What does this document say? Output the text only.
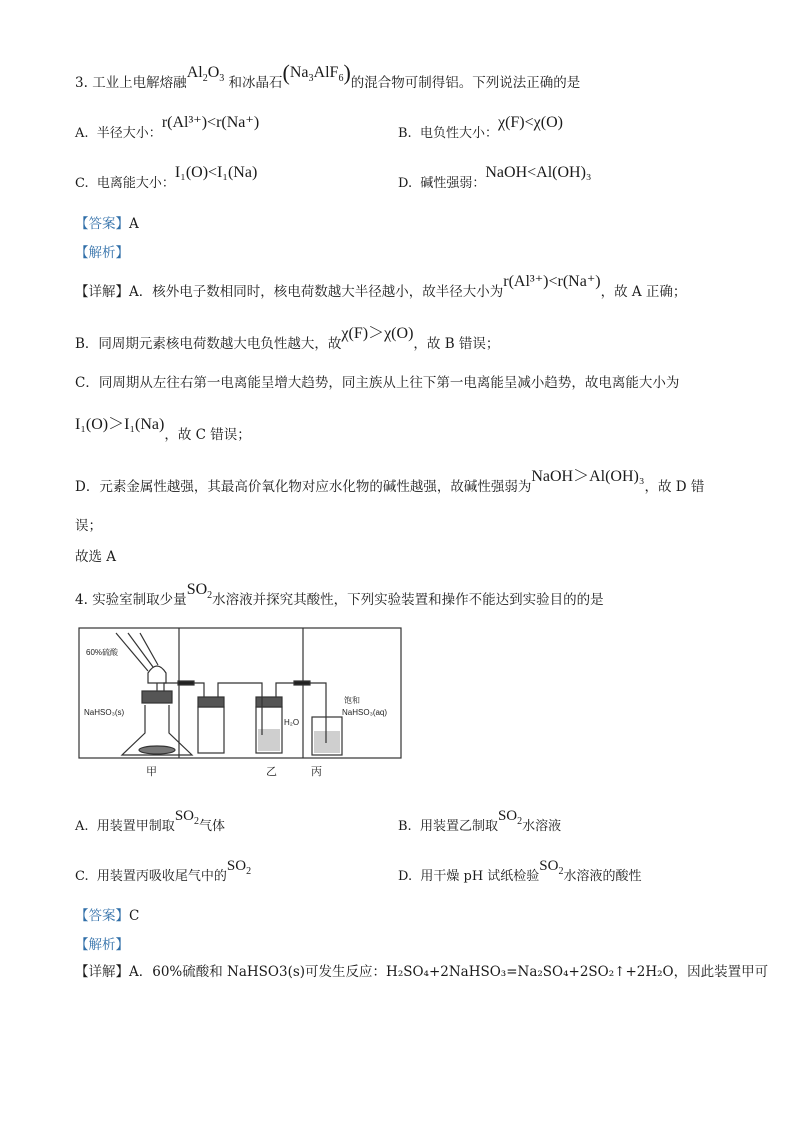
3. 工业上电解熔融$Al_2O_3$ 和冰晶石$(Na_3AlF_6)$的混合物可制得铝。下列说法正确的是
A. 半径大小：r(Al³⁺)<r(Na⁺)
B. 电负性大小：χ(F)<χ(O)
C. 电离能大小：I₁(O)<I₁(Na)
D. 碱性强弱：NaOH<Al(OH)₃
【答案】A
【解析】
【详解】A．核外电子数相同时，核电荷数越大半径越小，故半径大小为r(Al³⁺)<r(Na⁺)，故 A 正确；
B．同周期元素核电荷数越大电负性越大，故χ(F)＞χ(O)，故 B 错误；
C．同周期从左往右第一电离能呈增大趋势，同主族从上往下第一电离能呈减小趋势，故电离能大小为
I₁(O)＞I₁(Na)，故 C 错误；
D．元素金属性越强，其最高价氧化物对应水化物的碱性越强，故碱性强弱为NaOH＞Al(OH)₃，故 D 错
误；
故选 A
4. 实验室制取少量$SO_2$水溶液并探究其酸性，下列实验装置和操作不能达到实验目的的是
60%硫酸
NaHSO₃(s)
H₂O
饱和
NaHSO₃(aq)
甲	乙	丙
A. 用装置甲制取$SO_2$气体	B. 用装置乙制取$SO_2$水溶液
C. 用装置丙吸收尾气中的$SO_2$	D. 用干燥 pH 试纸检验$SO_2$水溶液的酸性
【答案】C
【解析】
【详解】A．60%硫酸和 NaHSO3(s)可发生反应：H₂SO₄+2NaHSO₃=Na₂SO₄+2SO₂↑+2H₂O，因此装置甲可
